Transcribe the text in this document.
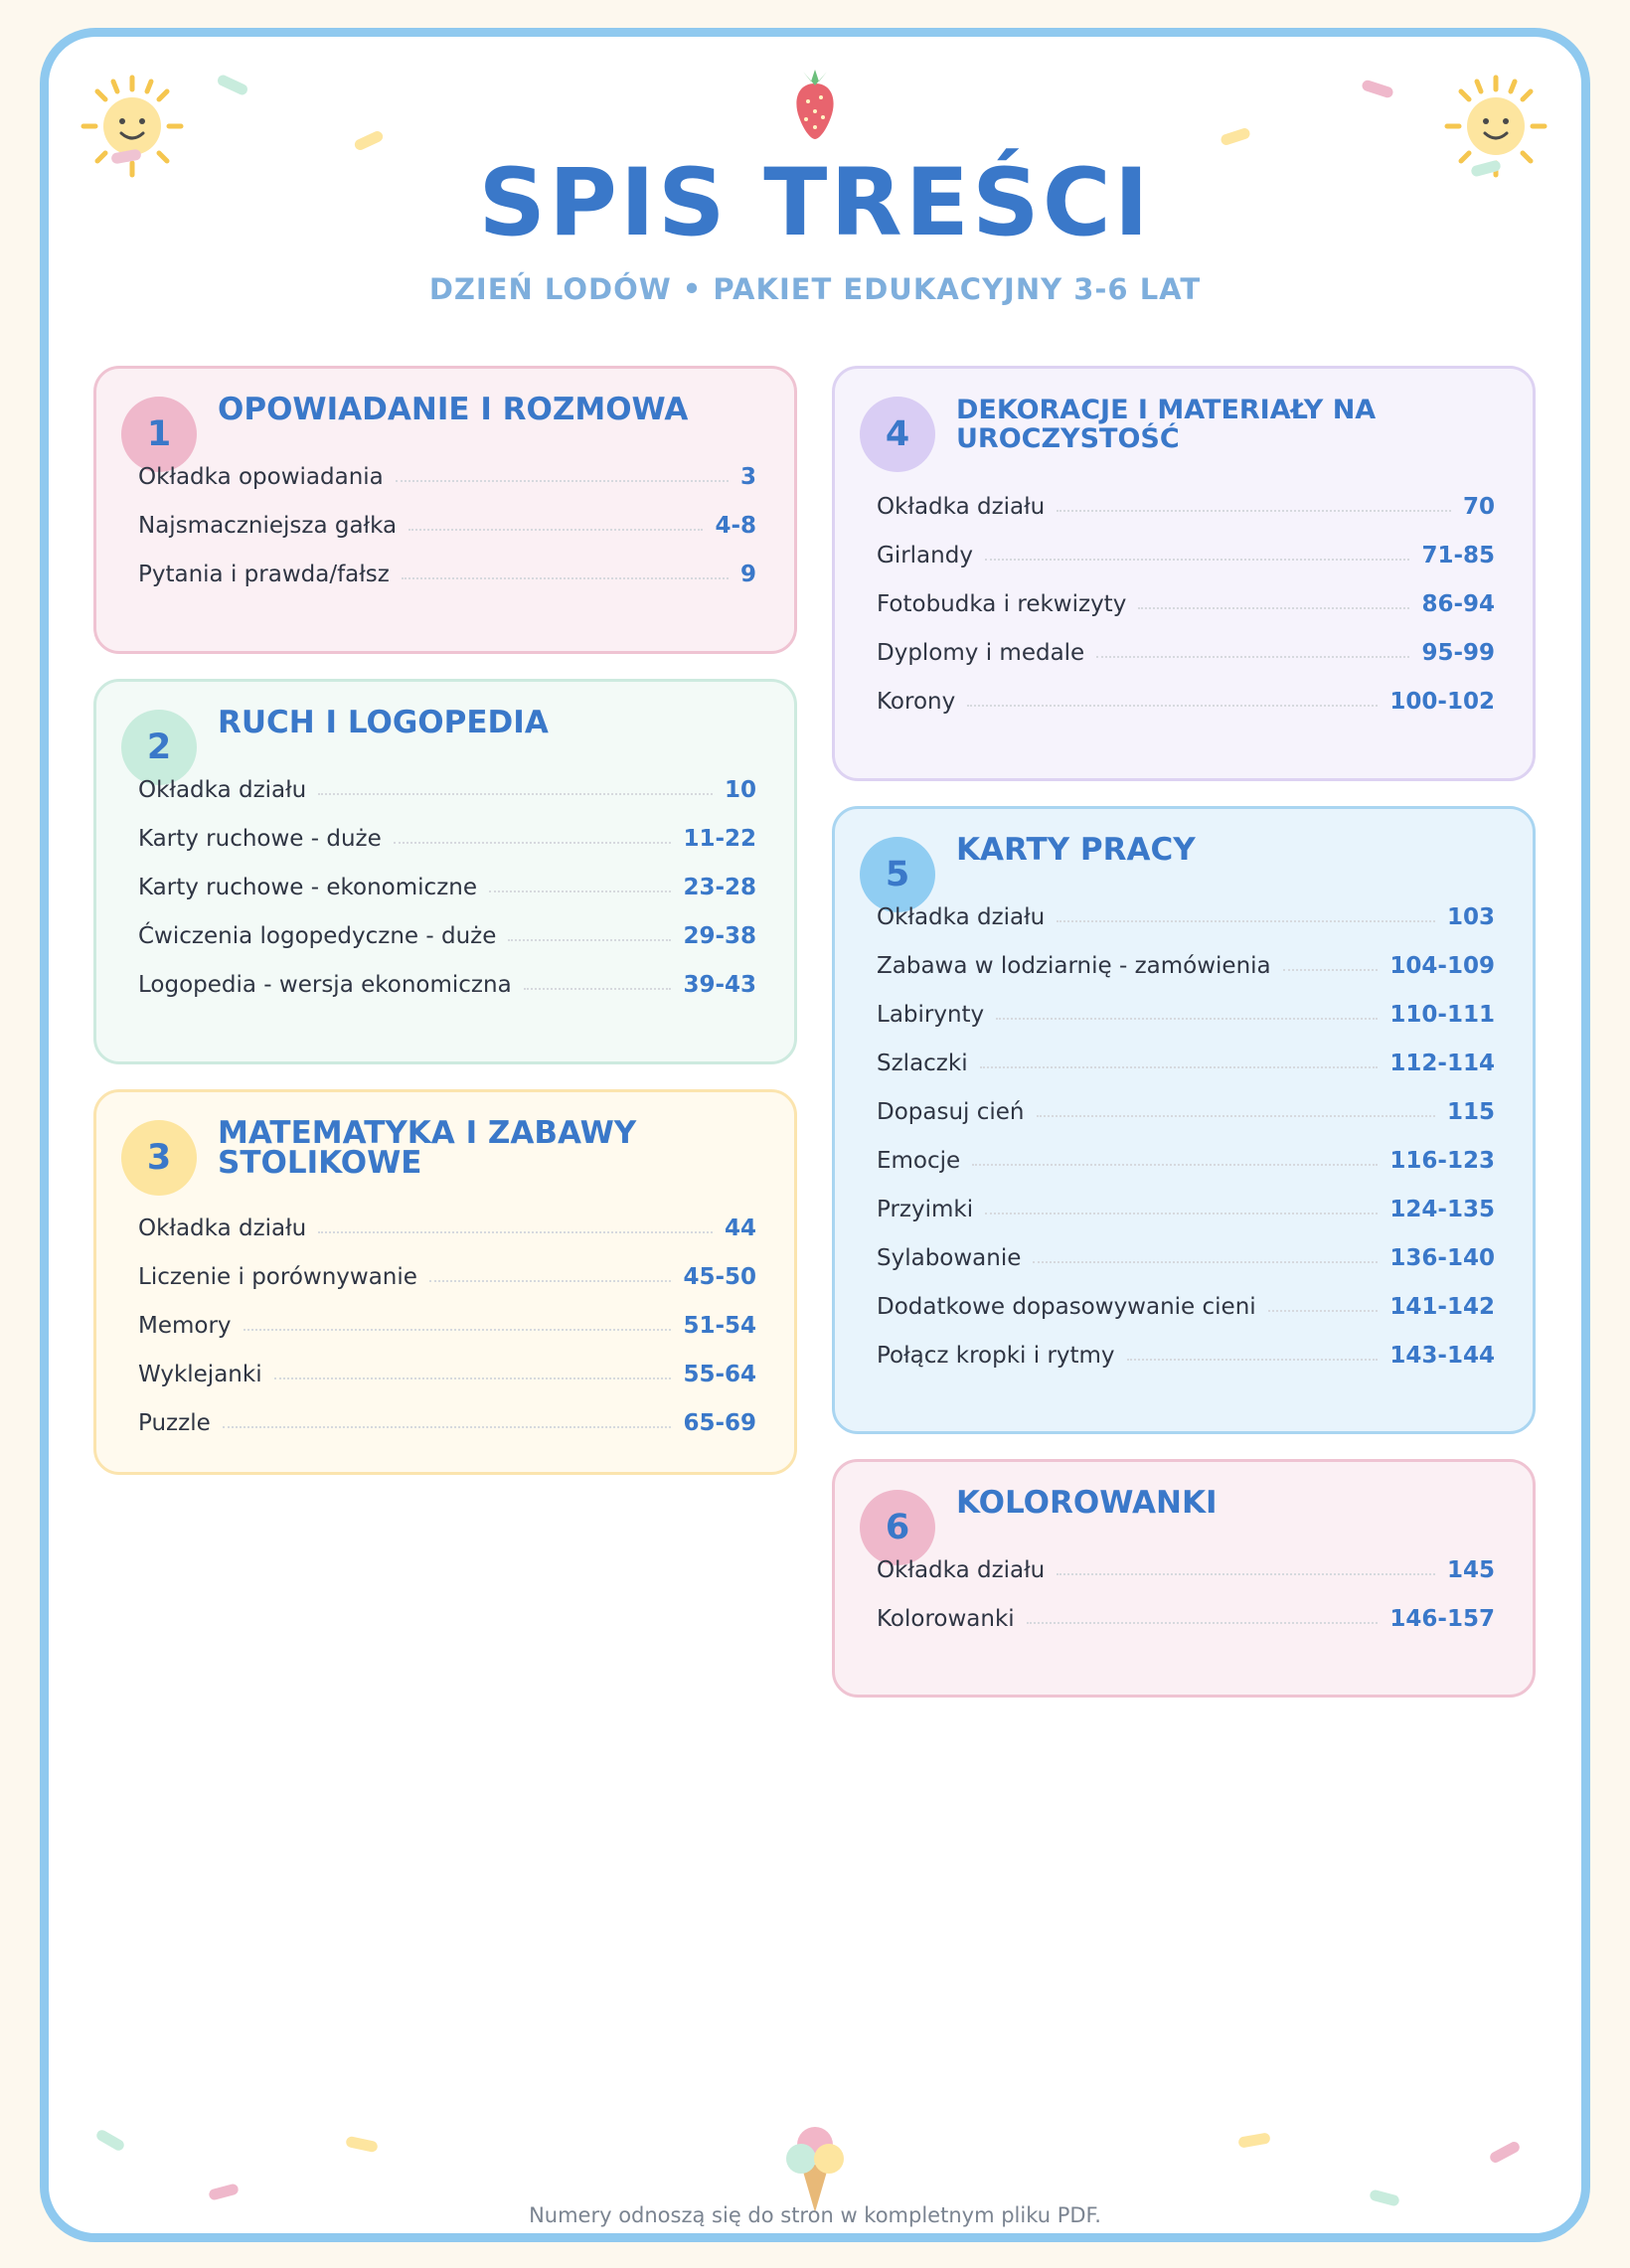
SPIS TREŚCI
DZIEŃ LODÓW • PAKIET EDUKACYJNY 3-6 LAT
1
OPOWIADANIE I ROZMOWA
Okładka opowiadania	3
Najsmaczniejsza gałka	4-8
Pytania i prawda/fałsz	9
2
RUCH I LOGOPEDIA
Okładka działu	10
Karty ruchowe - duże	11-22
Karty ruchowe - ekonomiczne	23-28
Ćwiczenia logopedyczne - duże	29-38
Logopedia - wersja ekonomiczna	39-43
3
MATEMATYKA I ZABAWY
STOLIKOWE
Okładka działu	44
Liczenie i porównywanie	45-50
Memory	51-54
Wyklejanki	55-64
Puzzle	65-69
4
DEKORACJE I MATERIAŁY NA
UROCZYSTOŚĆ
Okładka działu	70
Girlandy	71-85
Fotobudka i rekwizyty	86-94
Dyplomy i medale	95-99
Korony	100-102
5
KARTY PRACY
Okładka działu	103
Zabawa w lodziarnię - zamówienia	104-109
Labirynty	110-111
Szlaczki	112-114
Dopasuj cień	115
Emocje	116-123
Przyimki	124-135
Sylabowanie	136-140
Dodatkowe dopasowywanie cieni	141-142
Połącz kropki i rytmy	143-144
6
KOLOROWANKI
Okładka działu	145
Kolorowanki	146-157
Numery odnoszą się do stron w kompletnym pliku PDF.
